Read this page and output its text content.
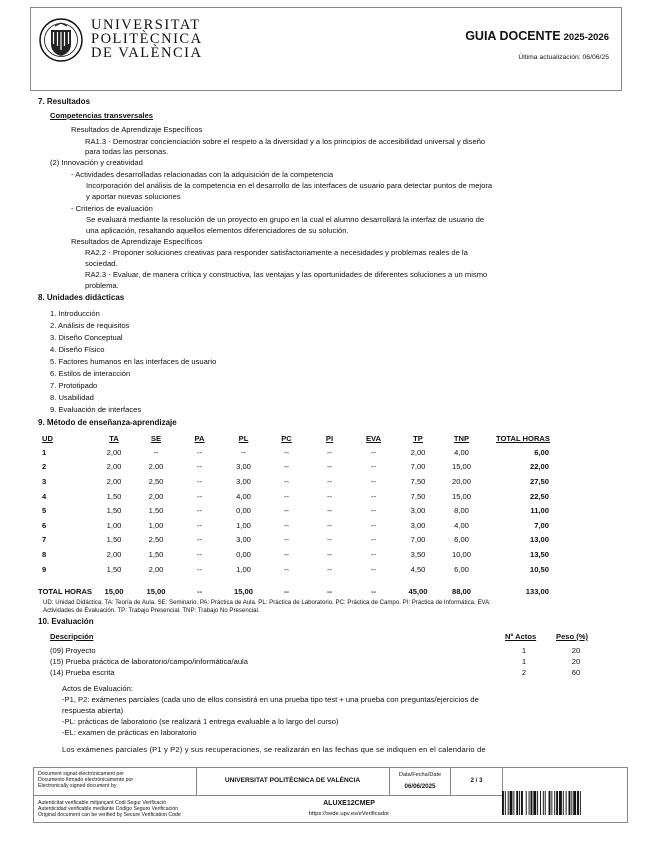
UNIVERSITAT
POLITÈCNICA
DE VALÈNCIA
GUIA DOCENTE 2025-2026
Última actualización: 06/06/25
7. Resultados
Competencias transversales
Resultados de Aprendizaje Específicos
RA1.3 - Demostrar concienciación sobre el respeto a la diversidad y a los principios de accesibilidad universal y diseño
para todas las personas.
(2) Innovación y creatividad
- Actividades desarrolladas relacionadas con la adquisición de la competencia
Incorporación del análisis de la competencia en el desarrollo de las interfaces de usuario para detectar puntos de mejora
y aportar nuevas soluciones
- Criterios de evaluación
Se evaluará mediante la resolución de un proyecto en grupo en la cual el alumno desarrollará la interfaz de usuario de
una aplicación, resaltando aquellos elementos diferenciadores de su solución.
Resultados de Aprendizaje Específicos
RA2.2 - Proponer soluciones creativas para responder satisfactoriamente a necesidades y problemas reales de la
sociedad.
RA2.3 - Evaluar, de manera crítica y constructiva, las ventajas y las oportunidades de diferentes soluciones a un mismo
problema.
8. Unidades didácticas
1. Introducción
2. Análisis de requisitos
3. Diseño Conceptual
4. Diseño Físico
5. Factores humanos en las interfaces de usuario
6. Estilos de interacción
7. Prototipado
8. Usabilidad
9. Evaluación de interfaces
9. Método de enseñanza-aprendizaje
UD	TA	SE	PA	PL	PC	PI	EVA	TP	TNP	TOTAL HORAS
1	2,00	--	--	--	--	--	--	2,00	4,00	6,00
2	2,00	2,00	--	3,00	--	--	--	7,00	15,00	22,00
3	2,00	2,50	--	3,00	--	--	--	7,50	20,00	27,50
4	1,50	2,00	--	4,00	--	--	--	7,50	15,00	22,50
5	1,50	1,50	--	0,00	--	--	--	3,00	8,00	11,00
6	1,00	1,00	--	1,00	--	--	--	3,00	4,00	7,00
7	1,50	2,50	--	3,00	--	--	--	7,00	6,00	13,00
8	2,00	1,50	--	0,00	--	--	--	3,50	10,00	13,50
9	1,50	2,00	--	1,00	--	--	--	4,50	6,00	10,50
TOTAL HORAS	15,00	15,00	--	15,00	--	--	--	45,00	88,00	133,00
UD: Unidad Didáctica. TA: Teoría de Aula. SE: Seminario. PA: Práctica de Aula. PL: Práctica de Laboratorio. PC: Práctica de Campo. PI: Práctica de Informática. EVA:
Actividades de Evaluación. TP: Trabajo Presencial. TNP: Trabajo No Presencial.
10. Evaluación
Descripción	Nº Actos	Peso (%)
(09) Proyecto	1	20
(15) Prueba práctica de laboratorio/campo/informática/aula	1	20
(14) Prueba escrita	2	60
Actos de Evaluación:
-P1, P2: exámenes parciales (cada uno de ellos consistirá en una prueba tipo test + una prueba con preguntas/ejercicios de
respuesta abierta)
-PL: prácticas de laboratorio (se realizará 1 entrega evaluable a lo largo del curso)
-EL: examen de prácticas en laboratorio
Los exámenes parciales (P1 y P2) y sus recuperaciones, se realizarán en las fechas que se indiquen en el calendario de
Document signat electrònicament per
Documento firmado electrónicamente por
Electronically signed document by
UNIVERSITAT POLITÈCNICA DE VALÈNCIA
Data/Fecha/Date
06/06/2025
2 / 3
Autenticitat verificable mitjançant Codi Segur Verificació
Autenticidad verificable mediante Código Seguro Verificación
Original document can be verified by Secure Verification Code
ALUXE12CMEP
https://sede.upv.es/eVerificador
